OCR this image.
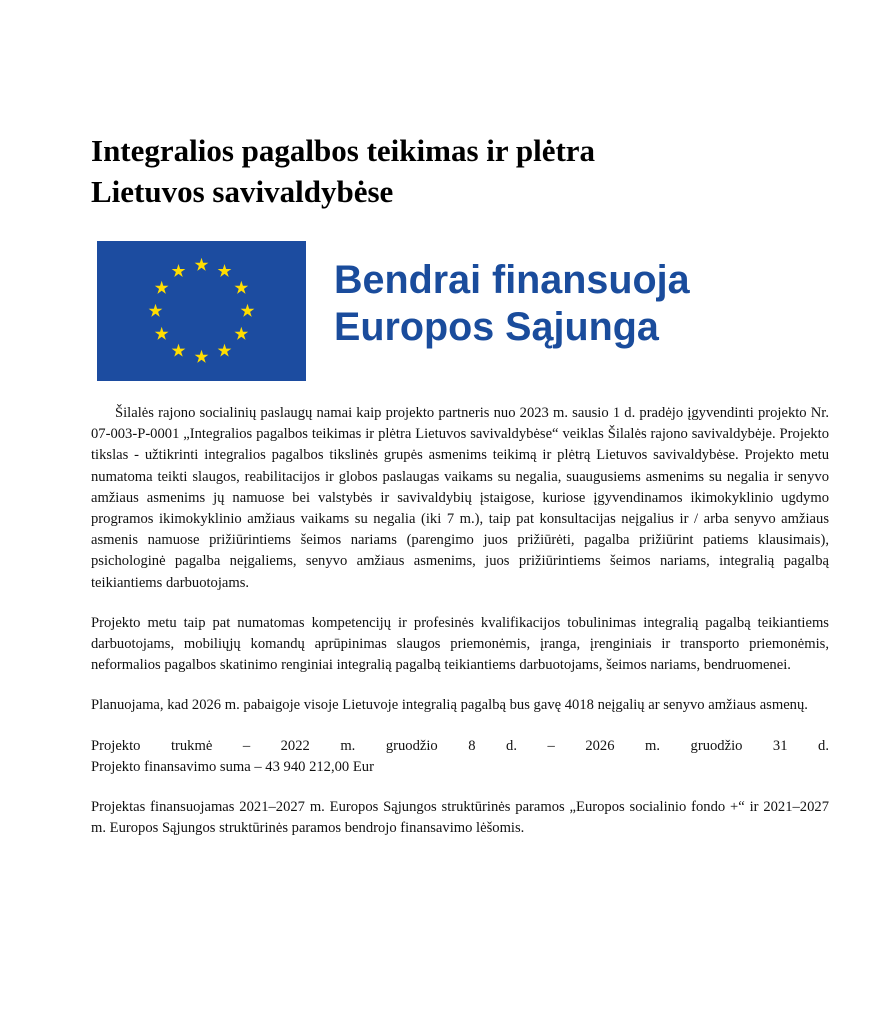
Integralios pagalbos teikimas ir plėtra
Lietuvos savivaldybėse
Bendrai finansuoja
Europos Sąjunga

Šilalės rajono socialinių paslaugų namai kaip projekto partneris nuo 2023 m. sausio 1 d. pradėjo įgyvendinti projekto Nr. 07-003-P-0001 „Integralios pagalbos teikimas ir plėtra Lietuvos savivaldybėse“ veiklas Šilalės rajono savivaldybėje. Projekto tikslas - užtikrinti integralios pagalbos tikslinės grupės asmenims teikimą ir plėtrą Lietuvos savivaldybėse. Projekto metu numatoma teikti slaugos, reabilitacijos ir globos paslaugas vaikams su negalia, suaugusiems asmenims su negalia ir senyvo amžiaus asmenims jų namuose bei valstybės ir savivaldybių įstaigose, kuriose įgyvendinamos ikimokyklinio ugdymo programos ikimokyklinio amžiaus vaikams su negalia (iki 7 m.), taip pat konsultacijas neįgalius ir / arba senyvo amžiaus asmenis namuose prižiūrintiems šeimos nariams (parengimo juos prižiūrėti, pagalba prižiūrint patiems klausimais), psichologinė pagalba neįgaliems, senyvo amžiaus asmenims, juos prižiūrintiems šeimos nariams, integralią pagalbą teikiantiems darbuotojams.

Projekto metu taip pat numatomas kompetencijų ir profesinės kvalifikacijos tobulinimas integralią pagalbą teikiantiems darbuotojams, mobiliųjų komandų aprūpinimas slaugos priemonėmis, įranga, įrenginiais ir transporto priemonėmis, neformalios pagalbos skatinimo renginiai integralią pagalbą teikiantiems darbuotojams, šeimos nariams, bendruomenei.

Planuojama, kad 2026 m. pabaigoje visoje Lietuvoje integralią pagalbą bus gavę 4018 neįgalių ar senyvo amžiaus asmenų.

Projekto trukmė – 2022 m. gruodžio 8 d. – 2026 m. gruodžio 31 d.
Projekto finansavimo suma – 43 940 212,00 Eur

Projektas finansuojamas 2021–2027 m. Europos Sąjungos struktūrinės paramos „Europos socialinio fondo +“ ir 2021–2027 m. Europos Sąjungos struktūrinės paramos bendrojo finansavimo lėšomis.
